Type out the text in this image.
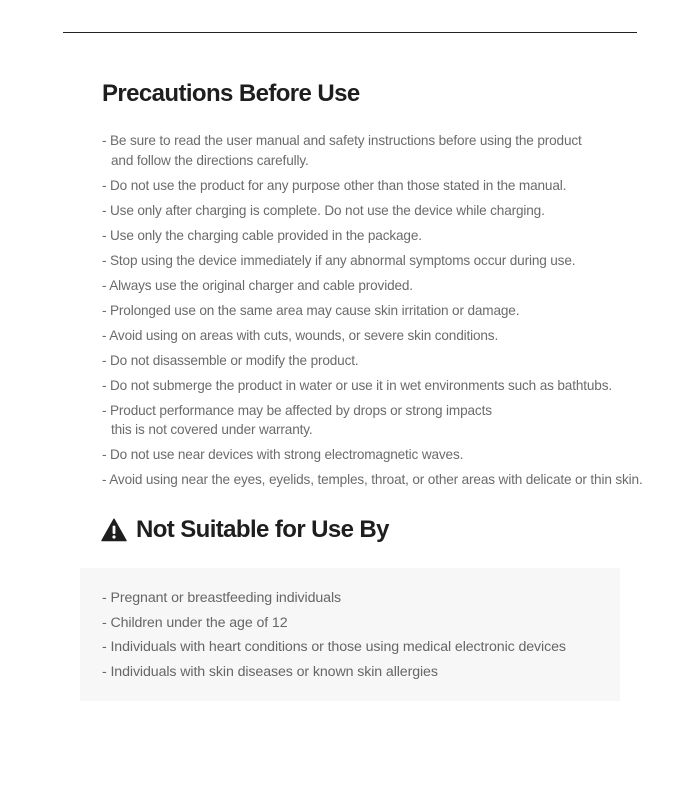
Precautions Before Use
- Be sure to read the user manual and safety instructions before using the product
and follow the directions carefully.
- Do not use the product for any purpose other than those stated in the manual.
- Use only after charging is complete. Do not use the device while charging.
- Use only the charging cable provided in the package.
- Stop using the device immediately if any abnormal symptoms occur during use.
- Always use the original charger and cable provided.
- Prolonged use on the same area may cause skin irritation or damage.
- Avoid using on areas with cuts, wounds, or severe skin conditions.
- Do not disassemble or modify the product.
- Do not submerge the product in water or use it in wet environments such as bathtubs.
- Product performance may be affected by drops or strong impacts
this is not covered under warranty.
- Do not use near devices with strong electromagnetic waves.
- Avoid using near the eyes, eyelids, temples, throat, or other areas with delicate or thin skin.
Not Suitable for Use By
- Pregnant or breastfeeding individuals
- Children under the age of 12
- Individuals with heart conditions or those using medical electronic devices
- Individuals with skin diseases or known skin allergies
